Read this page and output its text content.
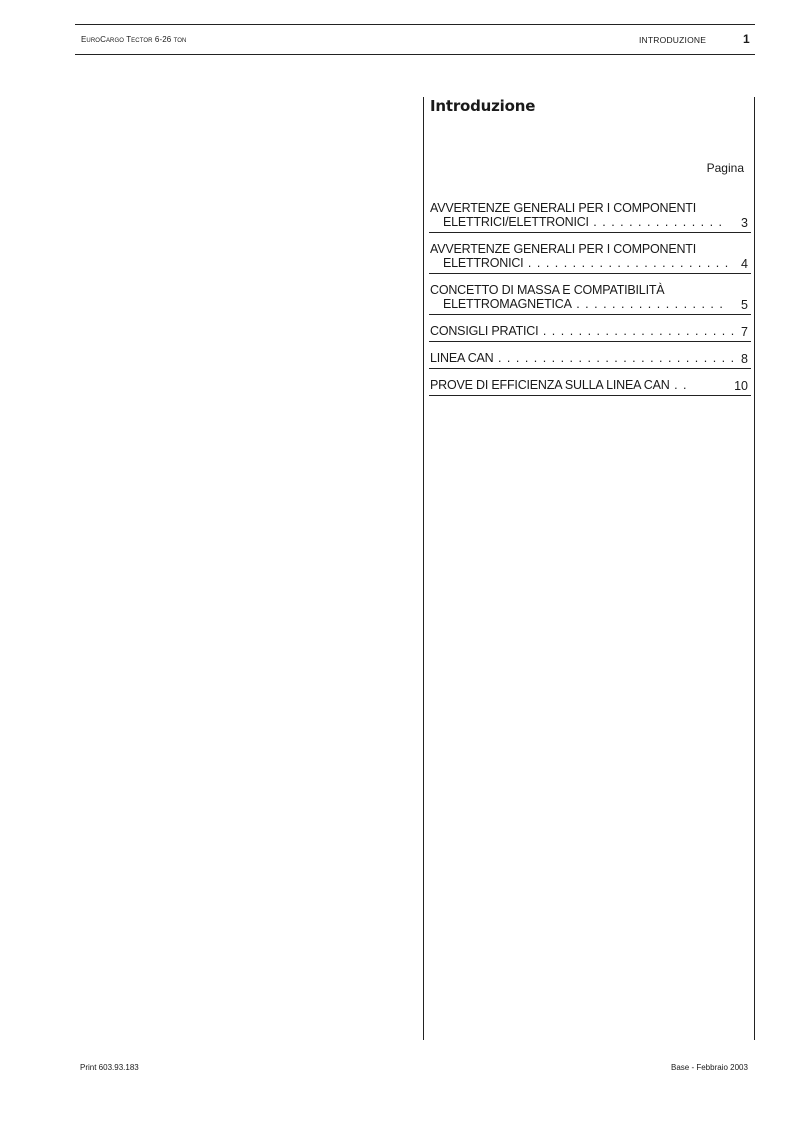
EuroCargo Tector 6-26 ton	INTRODUZIONE	1
Introduzione
Pagina
AVVERTENZE GENERALI PER I COMPONENTI
ELETTRICI/ELETTRONICI . . . . . . . . . . . . . . .	3
AVVERTENZE GENERALI PER I COMPONENTI
ELETTRONICI . . . . . . . . . . . . . . . . . . . . . . . 4
CONCETTO DI MASSA E COMPATIBILITÀ
ELETTROMAGNETICA . . . . . . . . . . . . . . . . .	5
CONSIGLI PRATICI . . . . . . . . . . . . . . . . . . . . . . 7
LINEA CAN . . . . . . . . . . . . . . . . . . . . . . . . . . . 8
PROVE DI EFFICIENZA SULLA LINEA CAN . .	10
Print 603.93.183	Base - Febbraio 2003
